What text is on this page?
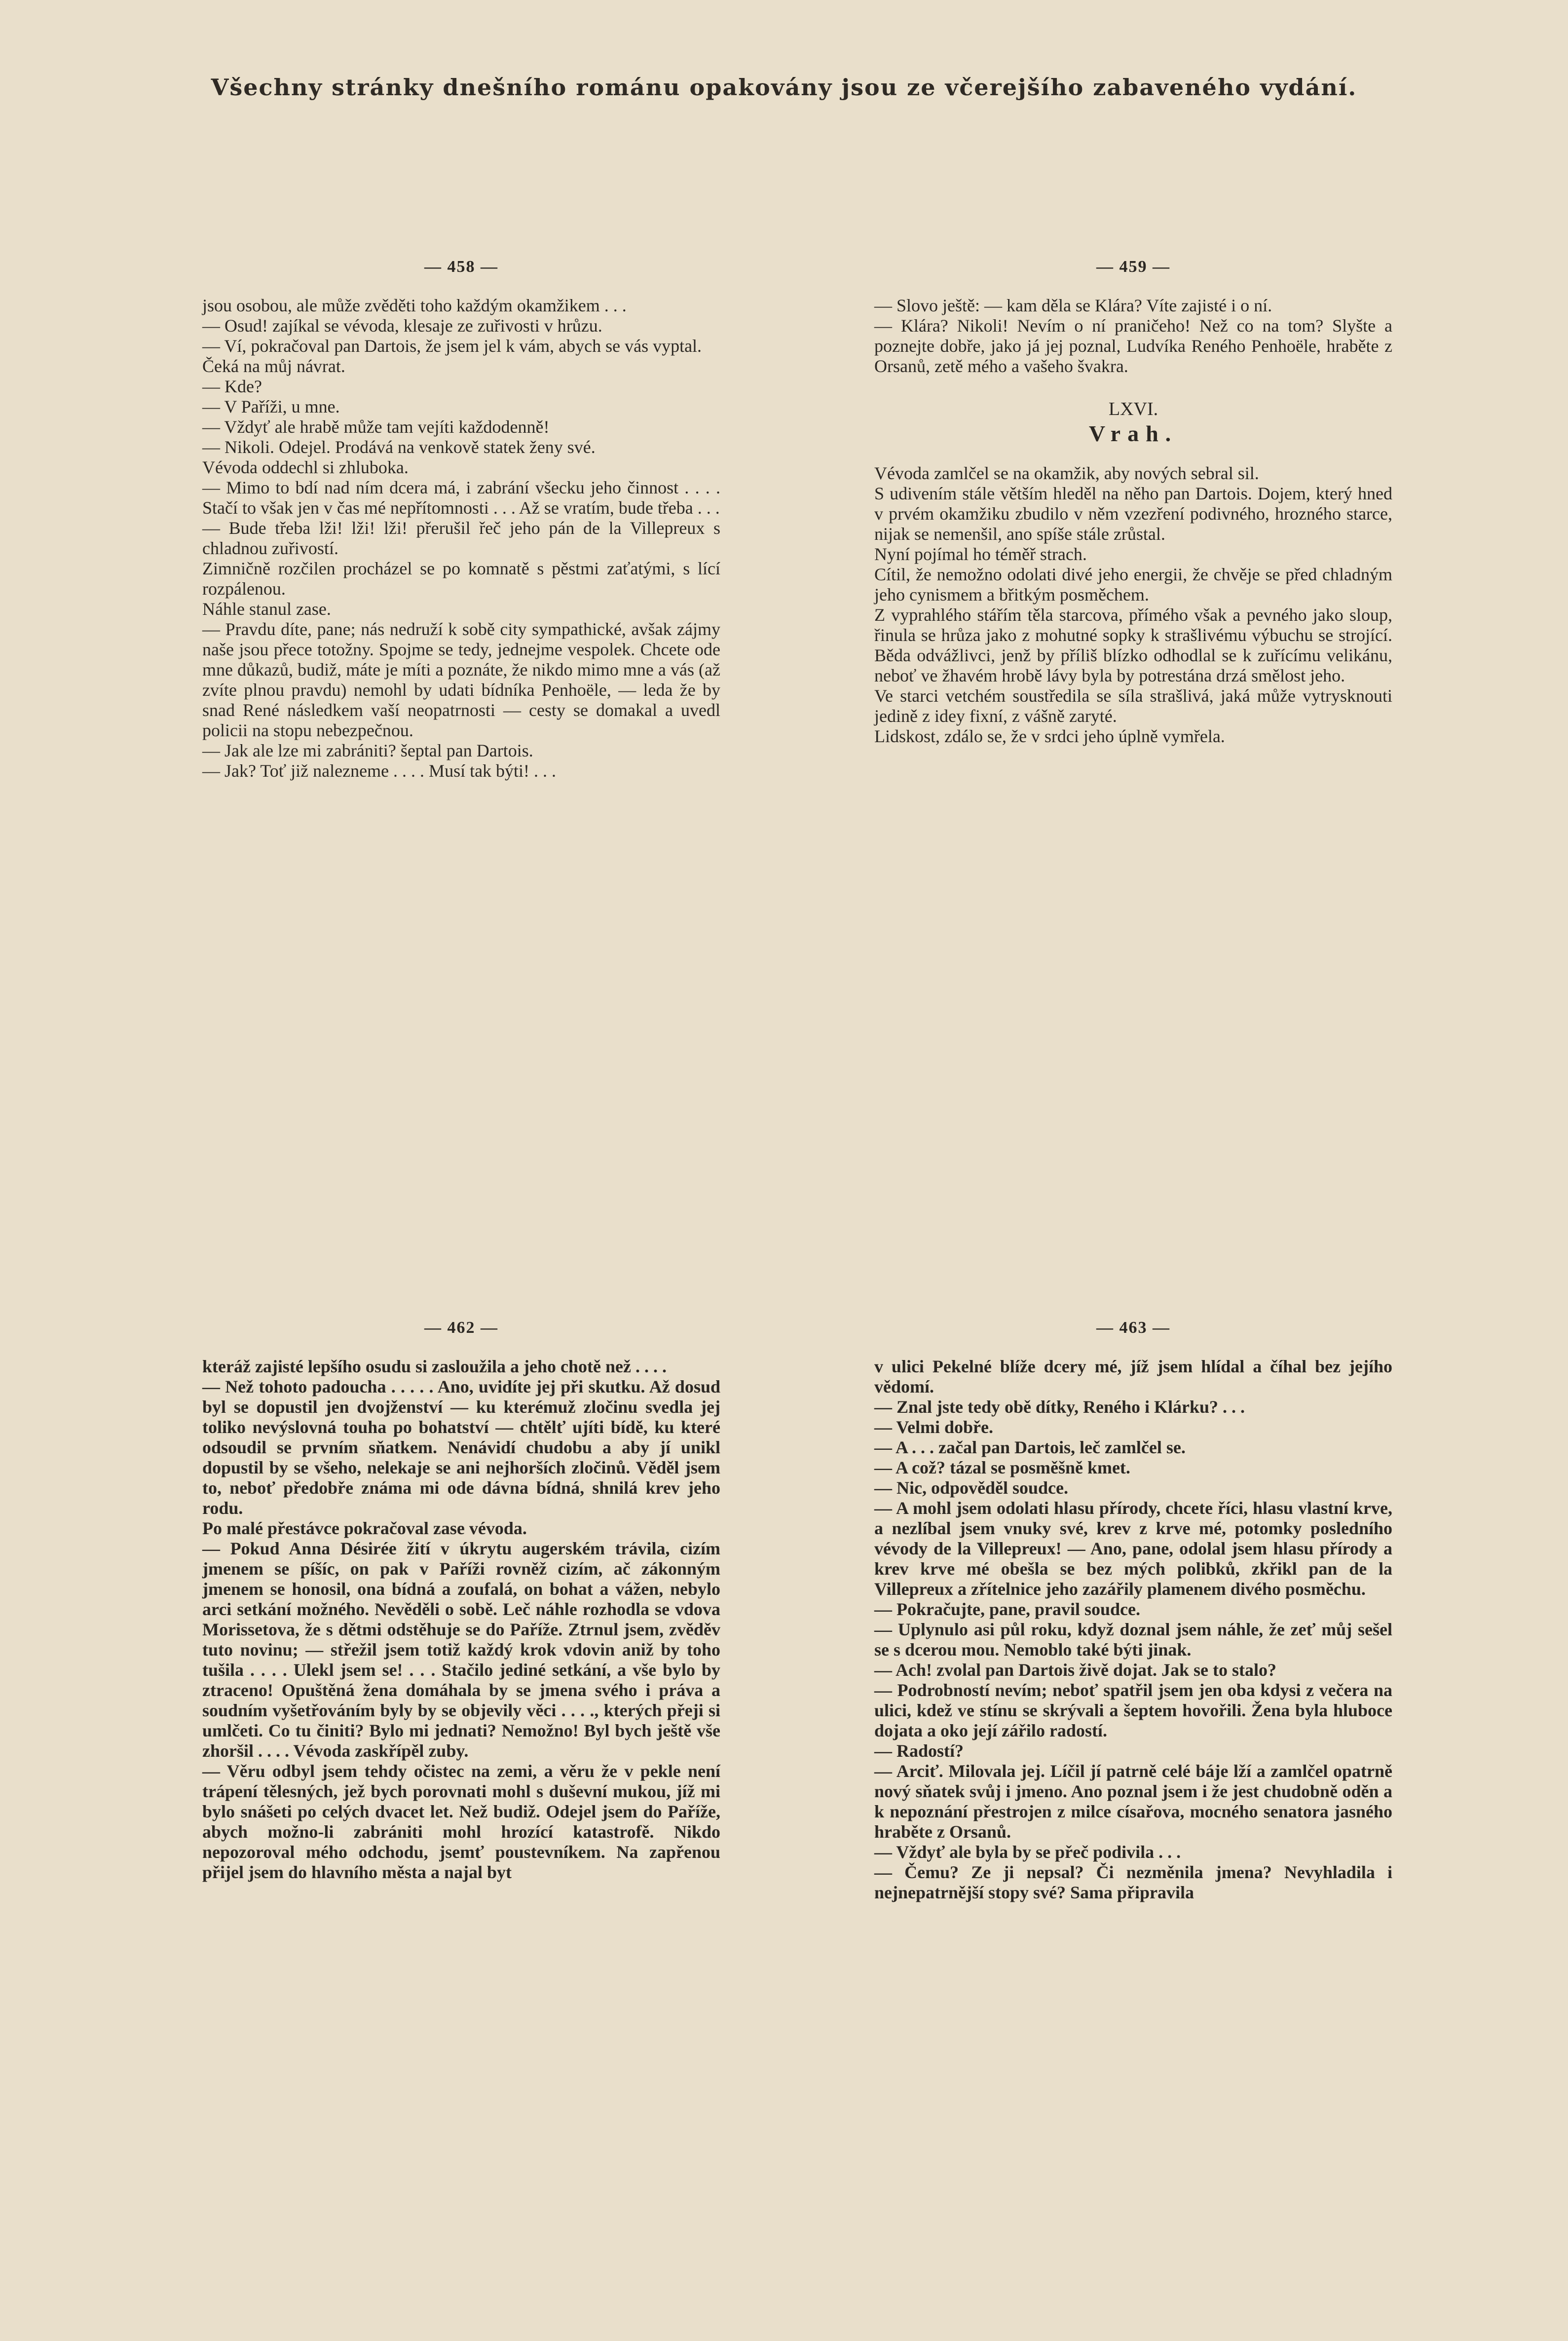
Všechny stránky dnešního románu opakovány jsou ze včerejšího zabaveného vydání.
— 458 —

jsou osobou, ale může zvěděti toho každým okamžikem . . .

— Osud! zajíkal se vévoda, klesaje ze zuřivosti v hrůzu.

— Ví, pokračoval pan Dartois, že jsem jel k vám, abych se vás vyptal.

Čeká na můj návrat.

— Kde?

— V Paříži, u mne.

— Vždyť ale hrabě může tam vejíti každodenně!

— Nikoli. Odejel. Prodává na venkově statek ženy své.

Vévoda oddechl si zhluboka.

— Mimo to bdí nad ním dcera má, i zabrání všecku jeho činnost . . . . Stačí to však jen v čas mé nepřítomnosti . . . Až se vratím, bude třeba . . .

— Bude třeba lži! lži! lži! přerušil řeč jeho pán de la Villepreux s chladnou zuřivostí.

Zimničně rozčilen procházel se po komnatě s pěstmi zaťatými, s lící rozpálenou.

Náhle stanul zase.

— Pravdu díte, pane; nás nedruží k sobě city sympathické, avšak zájmy naše jsou přece totožny. Spojme se tedy, jednejme vespolek. Chcete ode mne důkazů, budiž, máte je míti a poznáte, že nikdo mimo mne a vás (až zvíte plnou pravdu) nemohl by udati bídníka Penhoële, — leda že by snad René následkem vaší neopatrnosti — cesty se domakal a uvedl policii na stopu nebezpečnou.

— Jak ale lze mi zabrániti? šeptal pan Dartois.

— Jak? Toť již nalezneme . . . . Musí tak býti! . . .

— 459 —

— Slovo ještě: — kam děla se Klára? Víte zajisté i o ní.

— Klára? Nikoli! Nevím o ní praničeho! Než co na tom? Slyšte a poznejte dobře, jako já jej poznal, Ludvíka Reného Penhoële, hraběte z Orsanů, zetě mého a vašeho švakra.

LXVI.
Vrah.

Vévoda zamlčel se na okamžik, aby nových sebral sil.

S udivením stále větším hleděl na něho pan Dartois. Dojem, který hned v prvém okamžiku zbudilo v něm vzezření podivného, hrozného starce, nijak se nemenšil, ano spíše stále zrůstal.

Nyní pojímal ho téměř strach.

Cítil, že nemožno odolati divé jeho energii, že chvěje se před chladným jeho cynismem a břitkým posměchem.

Z vyprahlého stářím těla starcova, přímého však a pevného jako sloup, řinula se hrůza jako z mohutné sopky k strašlivému výbuchu se strojící. Běda odvážlivci, jenž by příliš blízko odhodlal se k zuřícímu velikánu, neboť ve žhavém hrobě lávy byla by potrestána drzá smělost jeho.

Ve starci vetchém soustředila se síla strašlivá, jaká může vytrysknouti jedině z idey fixní, z vášně zaryté.

Lidskost, zdálo se, že v srdci jeho úplně vymřela.

— 462 —

kteráž zajisté lepšího osudu si zasloužila a jeho chotě než . . . .

— Než tohoto padoucha . . . . . Ano, uvidíte jej při skutku. Až dosud byl se dopustil jen dvojženství — ku kterémuž zločinu svedla jej toliko nevýslovná touha po bohatství — chtělť ujíti bídě, ku které odsoudil se prvním sňatkem. Nenávidí chudobu a aby jí unikl dopustil by se všeho, nelekaje se ani nejhorších zločinů. Věděl jsem to, neboť předobře známa mi ode dávna bídná, shnilá krev jeho rodu.

Po malé přestávce pokračoval zase vévoda.

— Pokud Anna Désirée žití v úkrytu augerském trávila, cizím jmenem se píšíc, on pak v Paříži rovněž cizím, ač zákonným jmenem se honosil, ona bídná a zoufalá, on bohat a vážen, nebylo arci setkání možného. Nevěděli o sobě. Leč náhle rozhodla se vdova Morissetova, že s dětmi odstěhuje se do Paříže. Ztrnul jsem, zvěděv tuto novinu; — střežil jsem totiž každý krok vdovin aniž by toho tušila . . . . Ulekl jsem se! . . . Stačilo jediné setkání, a vše bylo by ztraceno! Opuštěná žena domáhala by se jmena svého i práva a soudním vyšetřováním byly by se objevily věci . . . ., kterých přeji si umlčeti. Co tu činiti? Bylo mi jednati? Nemožno! Byl bych ještě vše zhoršil . . . . Vévoda zaskřípěl zuby.

— Věru odbyl jsem tehdy očistec na zemi, a věru že v pekle není trápení tělesných, jež bych porovnati mohl s duševní mukou, jíž mi bylo snášeti po celých dvacet let. Než budiž. Odejel jsem do Paříže, abych možno-li zabrániti mohl hrozící katastrofě. Nikdo nepozoroval mého odchodu, jsemť poustevníkem. Na zapřenou přijel jsem do hlavního města a najal byt

— 463 —

v ulici Pekelné blíže dcery mé, jíž jsem hlídal a číhal bez jejího vědomí.

— Znal jste tedy obě dítky, Reného i Klárku? . . .

— Velmi dobře.

— A . . . začal pan Dartois, leč zamlčel se.

— A což? tázal se posměšně kmet.

— Nic, odpověděl soudce.

— A mohl jsem odolati hlasu přírody, chcete říci, hlasu vlastní krve, a nezlíbal jsem vnuky své, krev z krve mé, potomky posledního vévody de la Villepreux! — Ano, pane, odolal jsem hlasu přírody a krev krve mé obešla se bez mých polibků, zkřikl pan de la Villepreux a zřítelnice jeho zazářily plamenem divého posměchu.

— Pokračujte, pane, pravil soudce.

— Uplynulo asi půl roku, když doznal jsem náhle, že zeť můj sešel se s dcerou mou. Nemoblo také býti jinak.

— Ach! zvolal pan Dartois živě dojat. Jak se to stalo?

— Podrobností nevím; neboť spatřil jsem jen oba kdysi z večera na ulici, kdež ve stínu se skrývali a šeptem hovořili. Žena byla hluboce dojata a oko její zářilo radostí.

— Radostí?

— Arciť. Milovala jej. Líčil jí patrně celé báje lží a zamlčel opatrně nový sňatek svůj i jmeno. Ano poznal jsem i že jest chudobně oděn a k nepoznání přestrojen z milce císařova, mocného senatora jasného hraběte z Orsanů.

— Vždyť ale byla by se přeč podivila . . .

— Čemu? Ze ji nepsal? Či nezměnila jmena? Nevyhladila i nejnepatrnější stopy své? Sama připravila
